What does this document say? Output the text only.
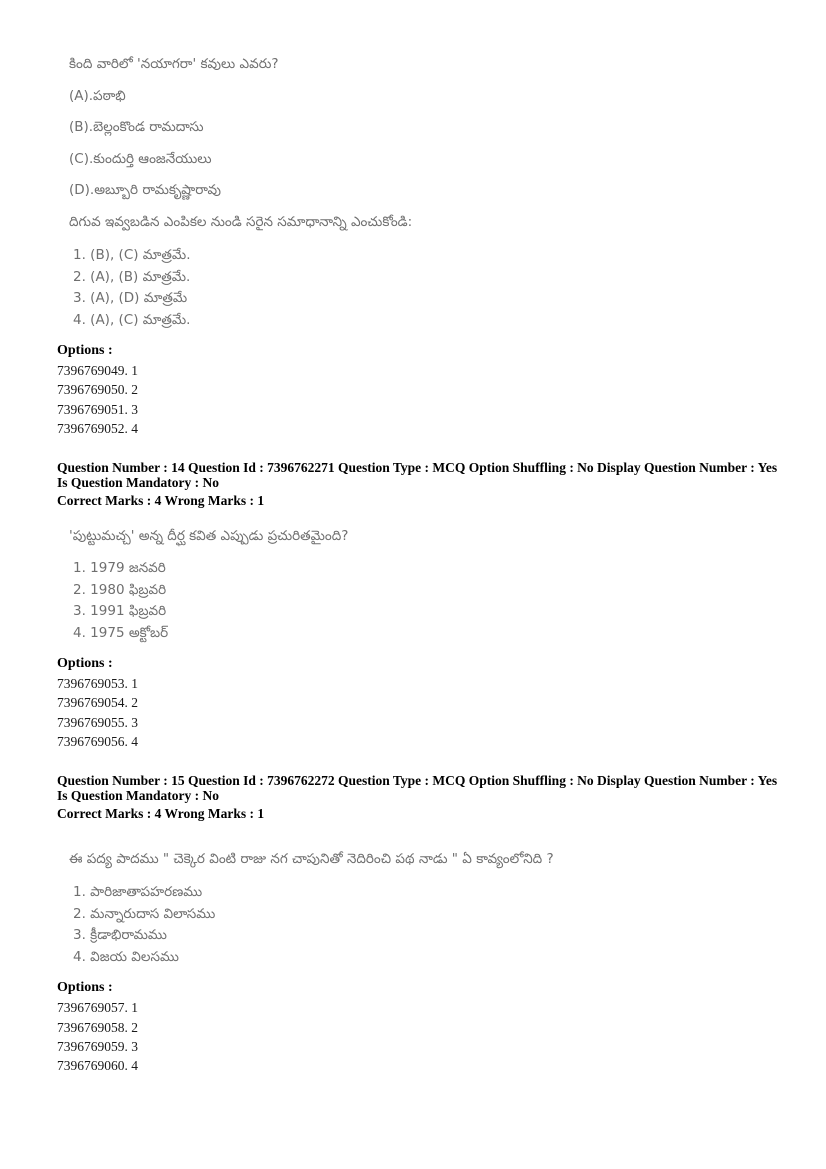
కింది వారిలో 'నయాగరా' కవులు ఎవరు?

(A).పఠాభి

(B).బెల్లంకొండ రామదాసు

(C).కుందుర్తి ఆంజనేయులు

(D).అబ్బూరి రామకృష్ణారావు

దిగువ ఇవ్వబడిన ఎంపికల నుండి సరైన సమాధానాన్ని ఎంచుకోండి:

1. (B), (C) మాత్రమే.

2. (A), (B) మాత్రమే.

3. (A), (D) మాత్రమే

4. (A), (C) మాత్రమే.

Options :

7396769049. 1

7396769050. 2

7396769051. 3

7396769052. 4

Question Number : 14 Question Id : 7396762271 Question Type : MCQ Option Shuffling : No Display Question Number : Yes Is Question Mandatory : No

Correct Marks : 4 Wrong Marks : 1

'పుట్టుమచ్చ' అన్న దీర్ఘ కవిత ఎప్పుడు ప్రచురితమైంది?

1. 1979 జనవరి

2. 1980 ఫిబ్రవరి

3. 1991 ఫిబ్రవరి

4. 1975 అక్టోబర్

Options :

7396769053. 1

7396769054. 2

7396769055. 3

7396769056. 4

Question Number : 15 Question Id : 7396762272 Question Type : MCQ Option Shuffling : No Display Question Number : Yes Is Question Mandatory : No

Correct Marks : 4 Wrong Marks : 1

ఈ పద్య పాదము " చెక్కెర వింటి రాజు నగ చాపునితో నెదిరించి పథ నాడు " ఏ కావ్యంలోనిది ?

1. పారిజాతాపహరణము

2. మన్నారుదాస విలాసము

3. క్రీడాభిరామము

4. విజయ విలసము

Options :

7396769057. 1

7396769058. 2

7396769059. 3

7396769060. 4
